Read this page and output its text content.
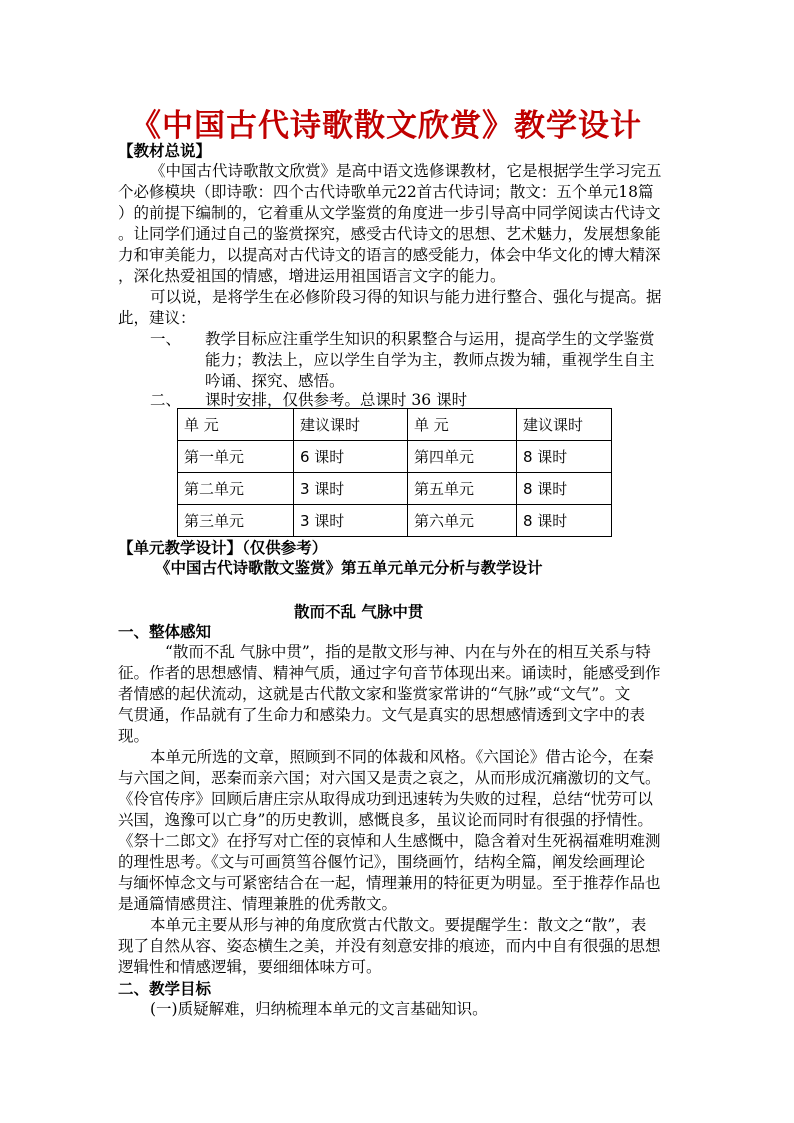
《中国古代诗歌散文欣赏》教学设计
【教材总说】
《中国古代诗歌散文欣赏》是高中语文选修课教材，它是根据学生学习完五
个必修模块（即诗歌：四个古代诗歌单元22首古代诗词；散文：五个单元18篇
）的前提下编制的，它着重从文学鉴赏的角度进一步引导高中同学阅读古代诗文
。让同学们通过自己的鉴赏探究，感受古代诗文的思想、艺术魅力，发展想象能
力和审美能力，以提高对古代诗文的语言的感受能力，体会中华文化的博大精深
，深化热爱祖国的情感，增进运用祖国语言文字的能力。
可以说，是将学生在必修阶段习得的知识与能力进行整合、强化与提高。据
此，建议：
一、 教学目标应注重学生知识的积累整合与运用，提高学生的文学鉴赏
能力；教法上，应以学生自学为主，教师点拨为辅，重视学生自主
吟诵、探究、感悟。
二、 课时安排，仅供参考。总课时 36 课时
单 元	建议课时	单 元	建议课时
第一单元	6 课时	第四单元	8 课时
第二单元	3 课时	第五单元	8 课时
第三单元	3 课时	第六单元	8 课时
【单元教学设计】（仅供参考）
《中国古代诗歌散文鉴赏》第五单元单元分析与教学设计
散而不乱 气脉中贯
一、整体感知
“散而不乱 气脉中贯”，指的是散文形与神、内在与外在的相互关系与特
征。作者的思想感情、精神气质，通过字句音节体现出来。诵读时，能感受到作
者情感的起伏流动，这就是古代散文家和鉴赏家常讲的“气脉”或“文气”。文
气贯通，作品就有了生命力和感染力。文气是真实的思想感情透到文字中的表
现。
本单元所选的文章，照顾到不同的体裁和风格。《六国论》借古论今，在秦
与六国之间，恶秦而亲六国；对六国又是责之哀之，从而形成沉痛激切的文气。
《伶官传序》回顾后唐庄宗从取得成功到迅速转为失败的过程，总结“忧劳可以
兴国，逸豫可以亡身”的历史教训，感慨良多，虽议论而同时有很强的抒情性。
《祭十二郎文》在抒写对亡侄的哀悼和人生感慨中，隐含着对生死祸福难明难测
的理性思考。《文与可画筼筜谷偃竹记》，围绕画竹，结构全篇，阐发绘画理论
与缅怀悼念文与可紧密结合在一起，情理兼用的特征更为明显。至于推荐作品也
是通篇情感贯注、情理兼胜的优秀散文。
本单元主要从形与神的角度欣赏古代散文。要提醒学生：散文之“散”，表
现了自然从容、姿态横生之美，并没有刻意安排的痕迹，而内中自有很强的思想
逻辑性和情感逻辑，要细细体味方可。
二、教学目标
(一)质疑解难，归纳梳理本单元的文言基础知识。
